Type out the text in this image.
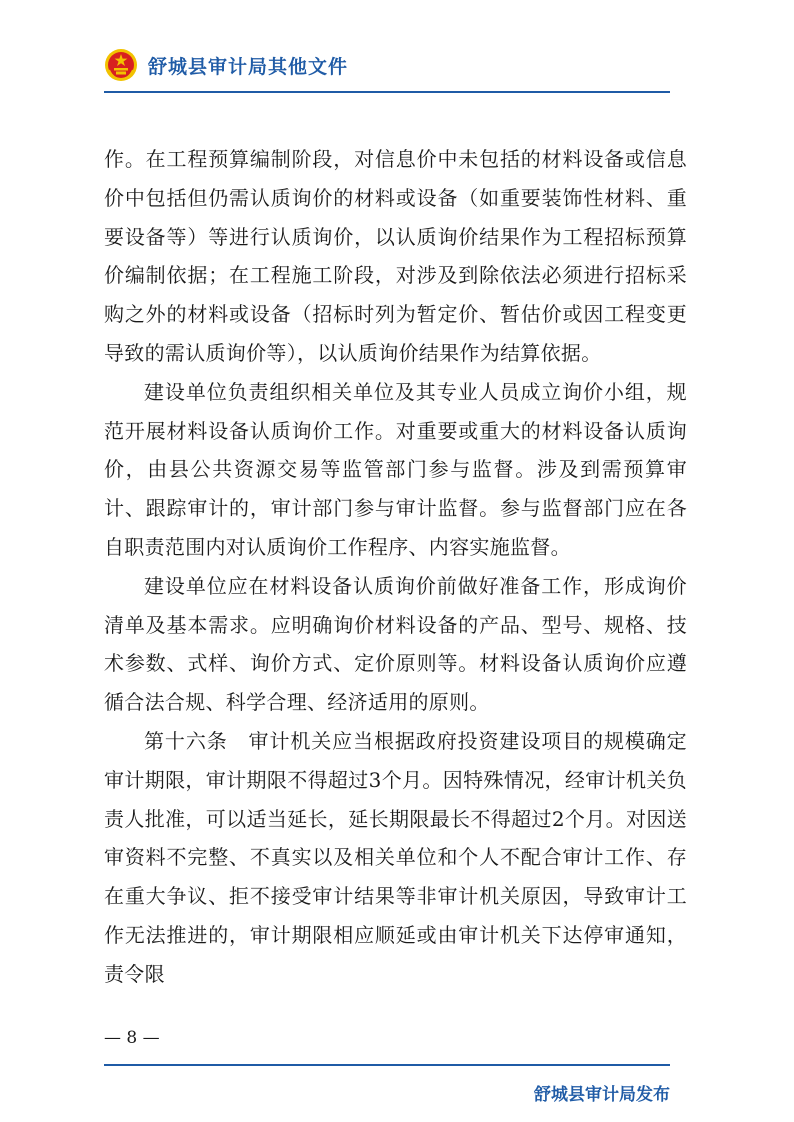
舒城县审计局其他文件

作。在工程预算编制阶段，对信息价中未包括的材料设备或信息价中包括但仍需认质询价的材料或设备（如重要装饰性材料、重要设备等）等进行认质询价，以认质询价结果作为工程招标预算价编制依据；在工程施工阶段，对涉及到除依法必须进行招标采购之外的材料或设备（招标时列为暂定价、暂估价或因工程变更导致的需认质询价等），以认质询价结果作为结算依据。

建设单位负责组织相关单位及其专业人员成立询价小组，规范开展材料设备认质询价工作。对重要或重大的材料设备认质询价，由县公共资源交易等监管部门参与监督。涉及到需预算审计、跟踪审计的，审计部门参与审计监督。参与监督部门应在各自职责范围内对认质询价工作程序、内容实施监督。

建设单位应在材料设备认质询价前做好准备工作，形成询价清单及基本需求。应明确询价材料设备的产品、型号、规格、技术参数、式样、询价方式、定价原则等。材料设备认质询价应遵循合法合规、科学合理、经济适用的原则。

第十六条　审计机关应当根据政府投资建设项目的规模确定审计期限，审计期限不得超过3个月。因特殊情况，经审计机关负责人批准，可以适当延长，延长期限最长不得超过2个月。对因送审资料不完整、不真实以及相关单位和个人不配合审计工作、存在重大争议、拒不接受审计结果等非审计机关原因，导致审计工作无法推进的，审计期限相应顺延或由审计机关下达停审通知，责令限

— 8 —
舒城县审计局发布
